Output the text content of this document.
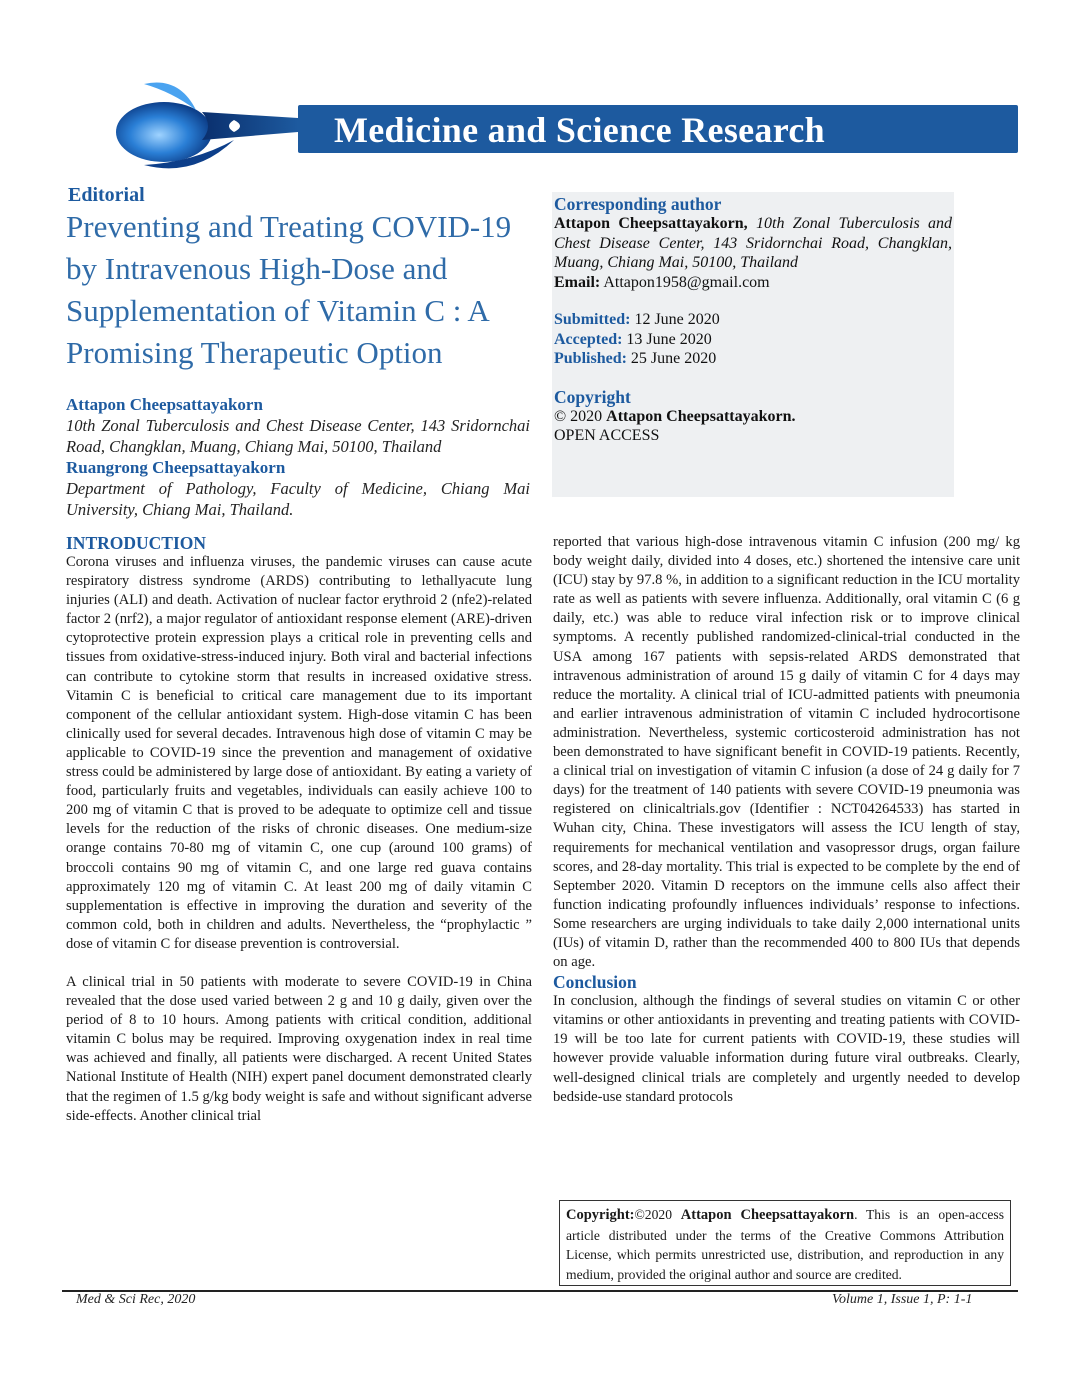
Medicine and Science Research
Editorial
Preventing and Treating COVID-19 by Intravenous High-Dose and Supplementation of Vitamin C : A Promising Therapeutic Option
Attapon Cheepsattayakorn
10th Zonal Tuberculosis and Chest Disease Center, 143 Sridornchai Road, Changklan, Muang, Chiang Mai, 50100, Thailand
Ruangrong Cheepsattayakorn
Department of Pathology, Faculty of Medicine, Chiang Mai University, Chiang Mai, Thailand.
Corresponding author
Attapon Cheepsattayakorn, 10th Zonal Tuberculosis and Chest Disease Center, 143 Sridornchai Road, Changklan, Muang, Chiang Mai, 50100, Thailand
Email: Attapon1958@gmail.com
Submitted: 12 June 2020
Accepted: 13 June 2020
Published: 25 June 2020
Copyright
© 2020 Attapon Cheepsattayakorn.
OPEN ACCESS
INTRODUCTION

Corona viruses and influenza viruses, the pandemic viruses can cause acute respiratory distress syndrome (ARDS) contributing to lethallyacute lung injuries (ALI) and death. Activation of nuclear factor erythroid 2 (nfe2)-related factor 2 (nrf2), a major regulator of antioxidant response element (ARE)-driven cytoprotective protein expression plays a critical role in preventing cells and tissues from oxidative-stress-induced injury. Both viral and bacterial infections can contribute to cytokine storm that results in increased oxidative stress. Vitamin C is beneficial to critical care management due to its important component of the cellular antioxidant system. High-dose vitamin C has been clinically used for several decades. Intravenous high dose of vitamin C may be applicable to COVID-19 since the prevention and management of oxidative stress could be administered by large dose of antioxidant. By eating a variety of food, particularly fruits and vegetables, individuals can easily achieve 100 to 200 mg of vitamin C that is proved to be adequate to optimize cell and tissue levels for the reduction of the risks of chronic diseases. One medium-size orange contains 70-80 mg of vitamin C, one cup (around 100 grams) of broccoli contains 90 mg of vitamin C, and one large red guava contains approximately 120 mg of vitamin C. At least 200 mg of daily vitamin C supplementation is effective in improving the duration and severity of the common cold, both in children and adults. Nevertheless, the “prophylactic ” dose of vitamin C for disease prevention is controversial.

A clinical trial in 50 patients with moderate to severe COVID-19 in China revealed that the dose used varied between 2 g and 10 g daily, given over the period of 8 to 10 hours. Among patients with critical condition, additional vitamin C bolus may be required. Improving oxygenation index in real time was achieved and finally, all patients were discharged. A recent United States National Institute of Health (NIH) expert panel document demonstrated clearly that the regimen of 1.5 g/kg body weight is safe and without significant adverse side-effects. Another clinical trial

reported that various high-dose intravenous vitamin C infusion (200 mg/ kg body weight daily, divided into 4 doses, etc.) shortened the intensive care unit (ICU) stay by 97.8 %, in addition to a significant reduction in the ICU mortality rate as well as patients with severe influenza. Additionally, oral vitamin C (6 g daily, etc.) was able to reduce viral infection risk or to improve clinical symptoms. A recently published randomized-clinical-trial conducted in the USA among 167 patients with sepsis-related ARDS demonstrated that intravenous administration of around 15 g daily of vitamin C for 4 days may reduce the mortality. A clinical trial of ICU-admitted patients with pneumonia and earlier intravenous administration of vitamin C included hydrocortisone administration. Nevertheless, systemic corticosteroid administration has not been demonstrated to have significant benefit in COVID-19 patients. Recently, a clinical trial on investigation of vitamin C infusion (a dose of 24 g daily for 7 days) for the treatment of 140 patients with severe COVID-19 pneumonia was registered on clinicaltrials.gov (Identifier : NCT04264533) has started in Wuhan city, China. These investigators will assess the ICU length of stay, requirements for mechanical ventilation and vasopressor drugs, organ failure scores, and 28-day mortality. This trial is expected to be complete by the end of September 2020. Vitamin D receptors on the immune cells also affect their function indicating profoundly influences individuals’ response to infections. Some researchers are urging individuals to take daily 2,000 international units (IUs) of vitamin D, rather than the recommended 400 to 800 IUs that depends on age.

Conclusion

In conclusion, although the findings of several studies on vitamin C or other vitamins or other antioxidants in preventing and treating patients with COVID-19 will be too late for current patients with COVID-19, these studies will however provide valuable information during future viral outbreaks. Clearly, well-designed clinical trials are completely and urgently needed to develop bedside-use standard protocols

Copyright:©2020 Attapon Cheepsattayakorn. This is an open-access article distributed under the terms of the Creative Commons Attribution License, which permits unrestricted use, distribution, and reproduction in any medium, provided the original author and source are credited.
Med & Sci Rec, 2020	Volume 1, Issue 1, P: 1-1
